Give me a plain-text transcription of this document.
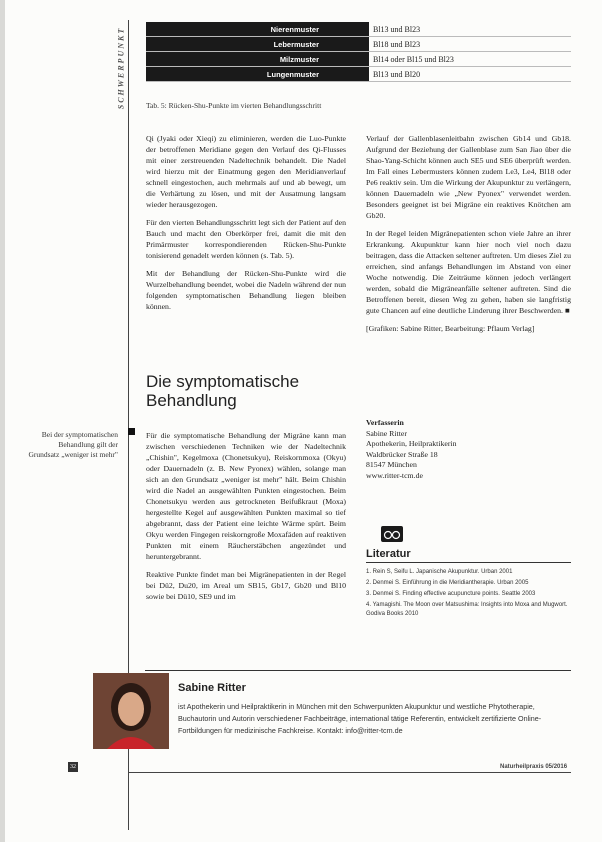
SCHWERPUNKT	Nierenmuster	Bl13 und Bl23
Lebermuster	Bl18 und Bl23
Milzmuster	Bl14 oder Bl15 und Bl23
Lungenmuster	Bl13 und Bl20
Tab. 5: Rücken-Shu-Punkte im vierten Behandlungsschritt

Qi (Jyaki oder Xieqi) zu eliminieren, werden die Luo-Punkte der betroffenen Meridiane gegen den Verlauf des Qi-Flusses mit einer zerstreuenden Nadeltechnik behandelt. Die Nadel wird hierzu mit der Einatmung gegen den Meridianverlauf schnell eingestochen, auch mehrmals auf und ab bewegt, um die Verhärtung zu lösen, und mit der Ausatmung langsam wieder herausgezogen.

Für den vierten Behandlungsschritt legt sich der Patient auf den Bauch und macht den Oberkörper frei, damit die mit den Primärmuster korrespondierenden Rücken-Shu-Punkte tonisierend genadelt werden können (s. Tab. 5).

Mit der Behandlung der Rücken-Shu-Punkte wird die Wurzelbehandlung beendet, wobei die Nadeln während der nun folgenden symptomatischen Behandlung liegen bleiben können.

Die symptomatische Behandlung
Bei der symptomatischen Behandlung gilt der Grundsatz „weniger ist mehr"

Für die symptomatische Behandlung der Migräne kann man zwischen verschiedenen Techniken wie der Nadeltechnik „Chishin", Kegelmoxa (Chonetsukyu), Reiskornmoxa (Okyu) oder Dauernadeln (z. B. New Pyonex) wählen, solange man sich an den Grundsatz „weniger ist mehr" hält. Beim Chishin wird die Nadel an ausgewählten Punkten eingestochen. Beim Chonetsukyu werden aus getrockneten Beifußkraut (Moxa) hergestellte Kegel auf ausgewählten Punkten maximal so tief abgebrannt, dass der Patient eine leichte Wärme spürt. Beim Okyu werden Fingegen reiskorngroße Moxafäden auf reaktiven Punkten mit einem Räucherstäbchen angezündet und heruntergebrannt.

Reaktive Punkte findet man bei Migränepatienten in der Regel bei Dü2, Du20, im Areal um SB15, Gb17, Gb20 und Bl10 sowie bei Dü10, SE9 und im

Verlauf der Gallenblasenleitbahn zwischen Gb14 und Gb18. Aufgrund der Beziehung der Gallenblase zum San Jiao über die Shao-Yang-Schicht können auch SE5 und SE6 überprüft werden. Im Fall eines Lebermusters können zudem Le3, Le4, Bl18 oder Pe6 reaktiv sein. Um die Wirkung der Akupunktur zu verlängern, können Dauernadeln wie „New Pyonex" verwendet werden. Besonders geeignet ist bei Migräne ein reaktives Knötchen am Gb20.

In der Regel leiden Migränepatienten schon viele Jahre an ihrer Erkrankung. Akupunktur kann hier noch viel noch dazu beitragen, dass die Attacken seltener auftreten. Um dieses Ziel zu erreichen, sind anfangs Behandlungen im Abstand von einer Woche notwendig. Die Zeiträume können jedoch verlängert werden, sobald die Migräneanfälle seltener auftreten. Sind die Betroffenen bereit, diesen Weg zu gehen, haben sie langfristig gute Chancen auf eine deutliche Linderung ihrer Beschwerden. ■

[Grafiken: Sabine Ritter, Bearbeitung: Pflaum Verlag]

Verfasserin
Sabine Ritter
Apothekerin, Heilpraktikerin
Waldbrücker Straße 18
81547 München
www.ritter-tcm.de
Literatur
1. Rein S, Seifu L. Japanische Akupunktur. Urban 2001
2. Denmei S. Einführung in die Meridiantherapie. Urban 2005
3. Denmei S. Finding effective acupuncture points. Seattle 2003
4. Yamagishi. The Moon over Matsushima: Insights into Moxa and Mugwort. Godiva Books 2010
Sabine Ritter
ist Apothekerin und Heilpraktikerin in München mit den Schwerpunkten Akupunktur und westliche Phytotherapie, Buchautorin und Autorin verschiedener Fachbeiträge, international tätige Referentin, entwickelt zertifizierte Online-Fortbildungen für medizinische Fachkreise. Kontakt: info@ritter-tcm.de
32	Naturheilpraxis 05/2016
